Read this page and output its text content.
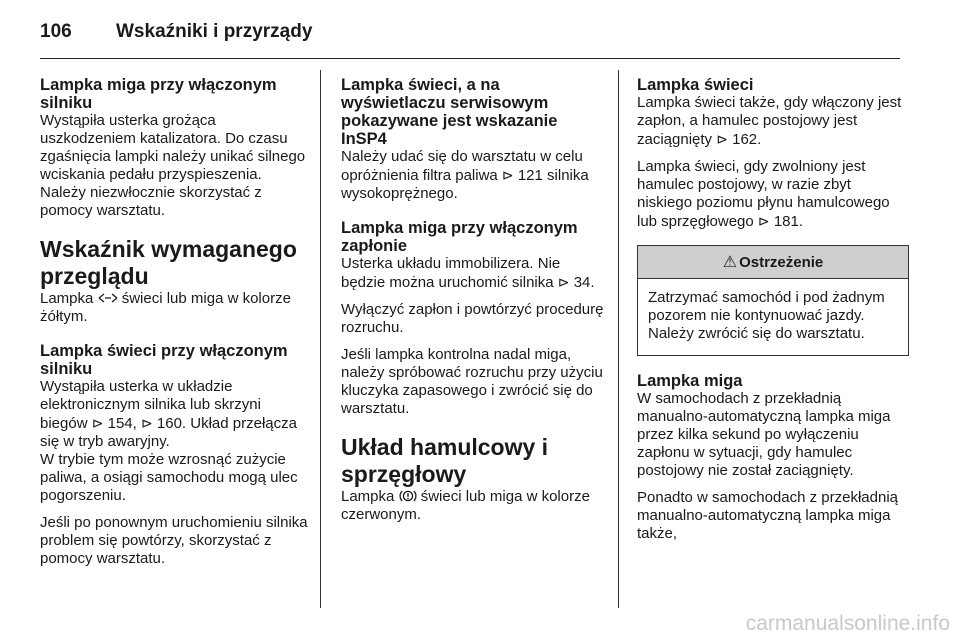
106	Wskaźniki i przyrządy
Lampka miga przy włączonym silniku

Wystąpiła usterka grożąca uszkodzeniem katalizatora. Do czasu zgaśnięcia lampki należy unikać silnego wciskania pedału przyspieszenia. Należy niezwłocznie skorzystać z pomocy warsztatu.

Wskaźnik wymaganego przeglądu

Lampka  świeci lub miga w kolorze żółtym.

Lampka świeci przy włączonym silniku

Wystąpiła usterka w układzie elektronicznym silnika lub skrzyni biegów ⊳ 154, ⊳ 160. Układ przełącza się w tryb awaryjny.

W trybie tym może wzrosnąć zużycie paliwa, a osiągi samochodu mogą ulec pogorszeniu.

Jeśli po ponownym uruchomieniu silnika problem się powtórzy, skorzystać z pomocy warsztatu.

Lampka świeci, a na wyświetlaczu serwisowym pokazywane jest wskazanie InSP4

Należy udać się do warsztatu w celu opróżnienia filtra paliwa ⊳ 121 silnika wysokoprężnego.

Lampka miga przy włączonym zapłonie

Usterka układu immobilizera. Nie będzie można uruchomić silnika ⊳ 34.

Wyłączyć zapłon i powtórzyć procedurę rozruchu.

Jeśli lampka kontrolna nadal miga, należy spróbować rozruchu przy użyciu kluczyka zapasowego i zwrócić się do warsztatu.

Układ hamulcowy i sprzęgłowy

Lampka  świeci lub miga w kolorze czerwonym.

Lampka świeci

Lampka świeci także, gdy włączony jest zapłon, a hamulec postojowy jest zaciągnięty ⊳ 162.

Lampka świeci, gdy zwolniony jest hamulec postojowy, w razie zbyt niskiego poziomu płynu hamulcowego lub sprzęgłowego ⊳ 181.

⚠ Ostrzeżenie

Zatrzymać samochód i pod żadnym pozorem nie kontynuować jazdy. Należy zwrócić się do warsztatu.

Lampka miga

W samochodach z przekładnią manualno-automatyczną lampka miga przez kilka sekund po wyłączeniu zapłonu w sytuacji, gdy hamulec postojowy nie został zaciągnięty.

Ponadto w samochodach z przekładnią manualno-automatyczną lampka miga także,

carmanualsonline.info
